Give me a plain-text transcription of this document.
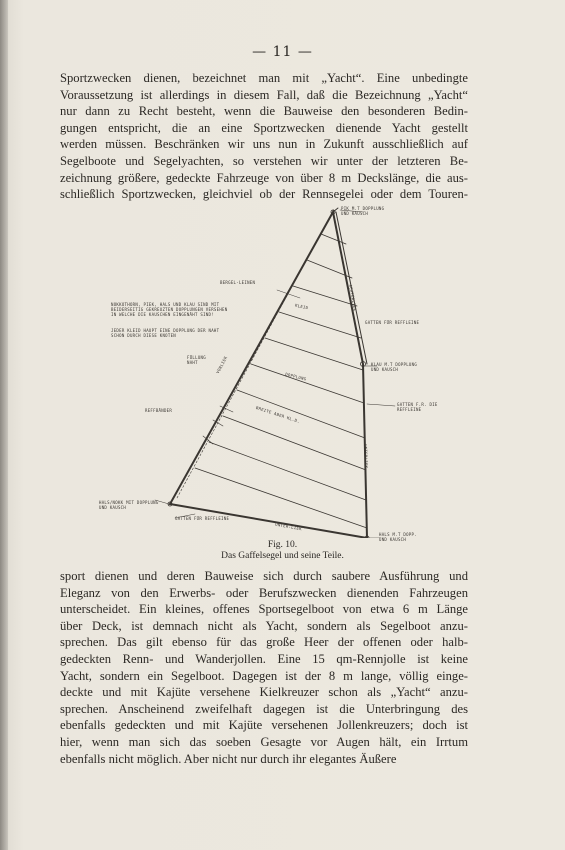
— 11 —
Sportzwecken dienen, bezeichnet man mit „Yacht“. Eine unbedingte
Voraussetzung ist allerdings in diesem Fall, daß die Bezeichnung „Yacht“
nur dann zu Recht besteht, wenn die Bauweise den besonderen Bedin-
gungen entspricht, die an eine Sportzwecken dienende Yacht gestellt
werden müssen. Beschränken wir uns nun in Zukunft ausschließlich auf
Segelboote und Segelyachten, so verstehen wir unter der letzteren Be-
zeichnung größere, gedeckte Fahrzeuge von über 8 m Deckslänge, die aus-
schließlich Sportzwecken, gleichviel ob der Rennsegelei oder dem Touren-
PIK M.T DOPPLUNG
UND KAUSCH
BERGEL-LEINEN
NOKKOTHORN, PIEK, HALS UND KLAU SIND MIT
BEIDERSEITIG GEKREUZTEN DOPPLUNGEN VERSEHEN
IN WELCHE DIE KAUSCHEN EINGENÄHT SIND!
JEDER KLEID HAUPT EINE DOPPLUNG DER NAHT
SCHON DURCH DIESE KNOTEN
FÜLLUNG
NAHT
ACHTERLIEK
GATTEN FÜR REFFLEINE
KLAU M.T DOPPLUNG
UND KAUSCH
GATTEN F.R. DIE
REFFLEINE
KLEID
DOPPLUNG
BREITE ABER KL.D.
REFFBÄNDER
VORLIEK
UNTERLIEK
HALS/NOKK MIT DOPPLUNG
UND KAUSCH
GATTEN FÜR REFFLEINE
UNTER-LIEK
HALS M.T DOPP.
UND KAUSCH
Fig. 10.
Das Gaffelsegel und seine Teile.
sport dienen und deren Bauweise sich durch saubere Ausführung und
Eleganz von den Erwerbs- oder Berufszwecken dienenden Fahrzeugen
unterscheidet. Ein kleines, offenes Sportsegelboot von etwa 6 m Länge
über Deck, ist demnach nicht als Yacht, sondern als Segelboot anzu-
sprechen. Das gilt ebenso für das große Heer der offenen oder halb-
gedeckten Renn- und Wanderjollen. Eine 15 qm-Rennjolle ist keine
Yacht, sondern ein Segelboot. Dagegen ist der 8 m lange, völlig einge-
deckte und mit Kajüte versehene Kielkreuzer schon als „Yacht“ anzu-
sprechen. Anscheinend zweifelhaft dagegen ist die Unterbringung des
ebenfalls gedeckten und mit Kajüte versehenen Jollenkreuzers; doch ist
hier, wenn man sich das soeben Gesagte vor Augen hält, ein Irrtum
ebenfalls nicht möglich. Aber nicht nur durch ihr elegantes Äußere
